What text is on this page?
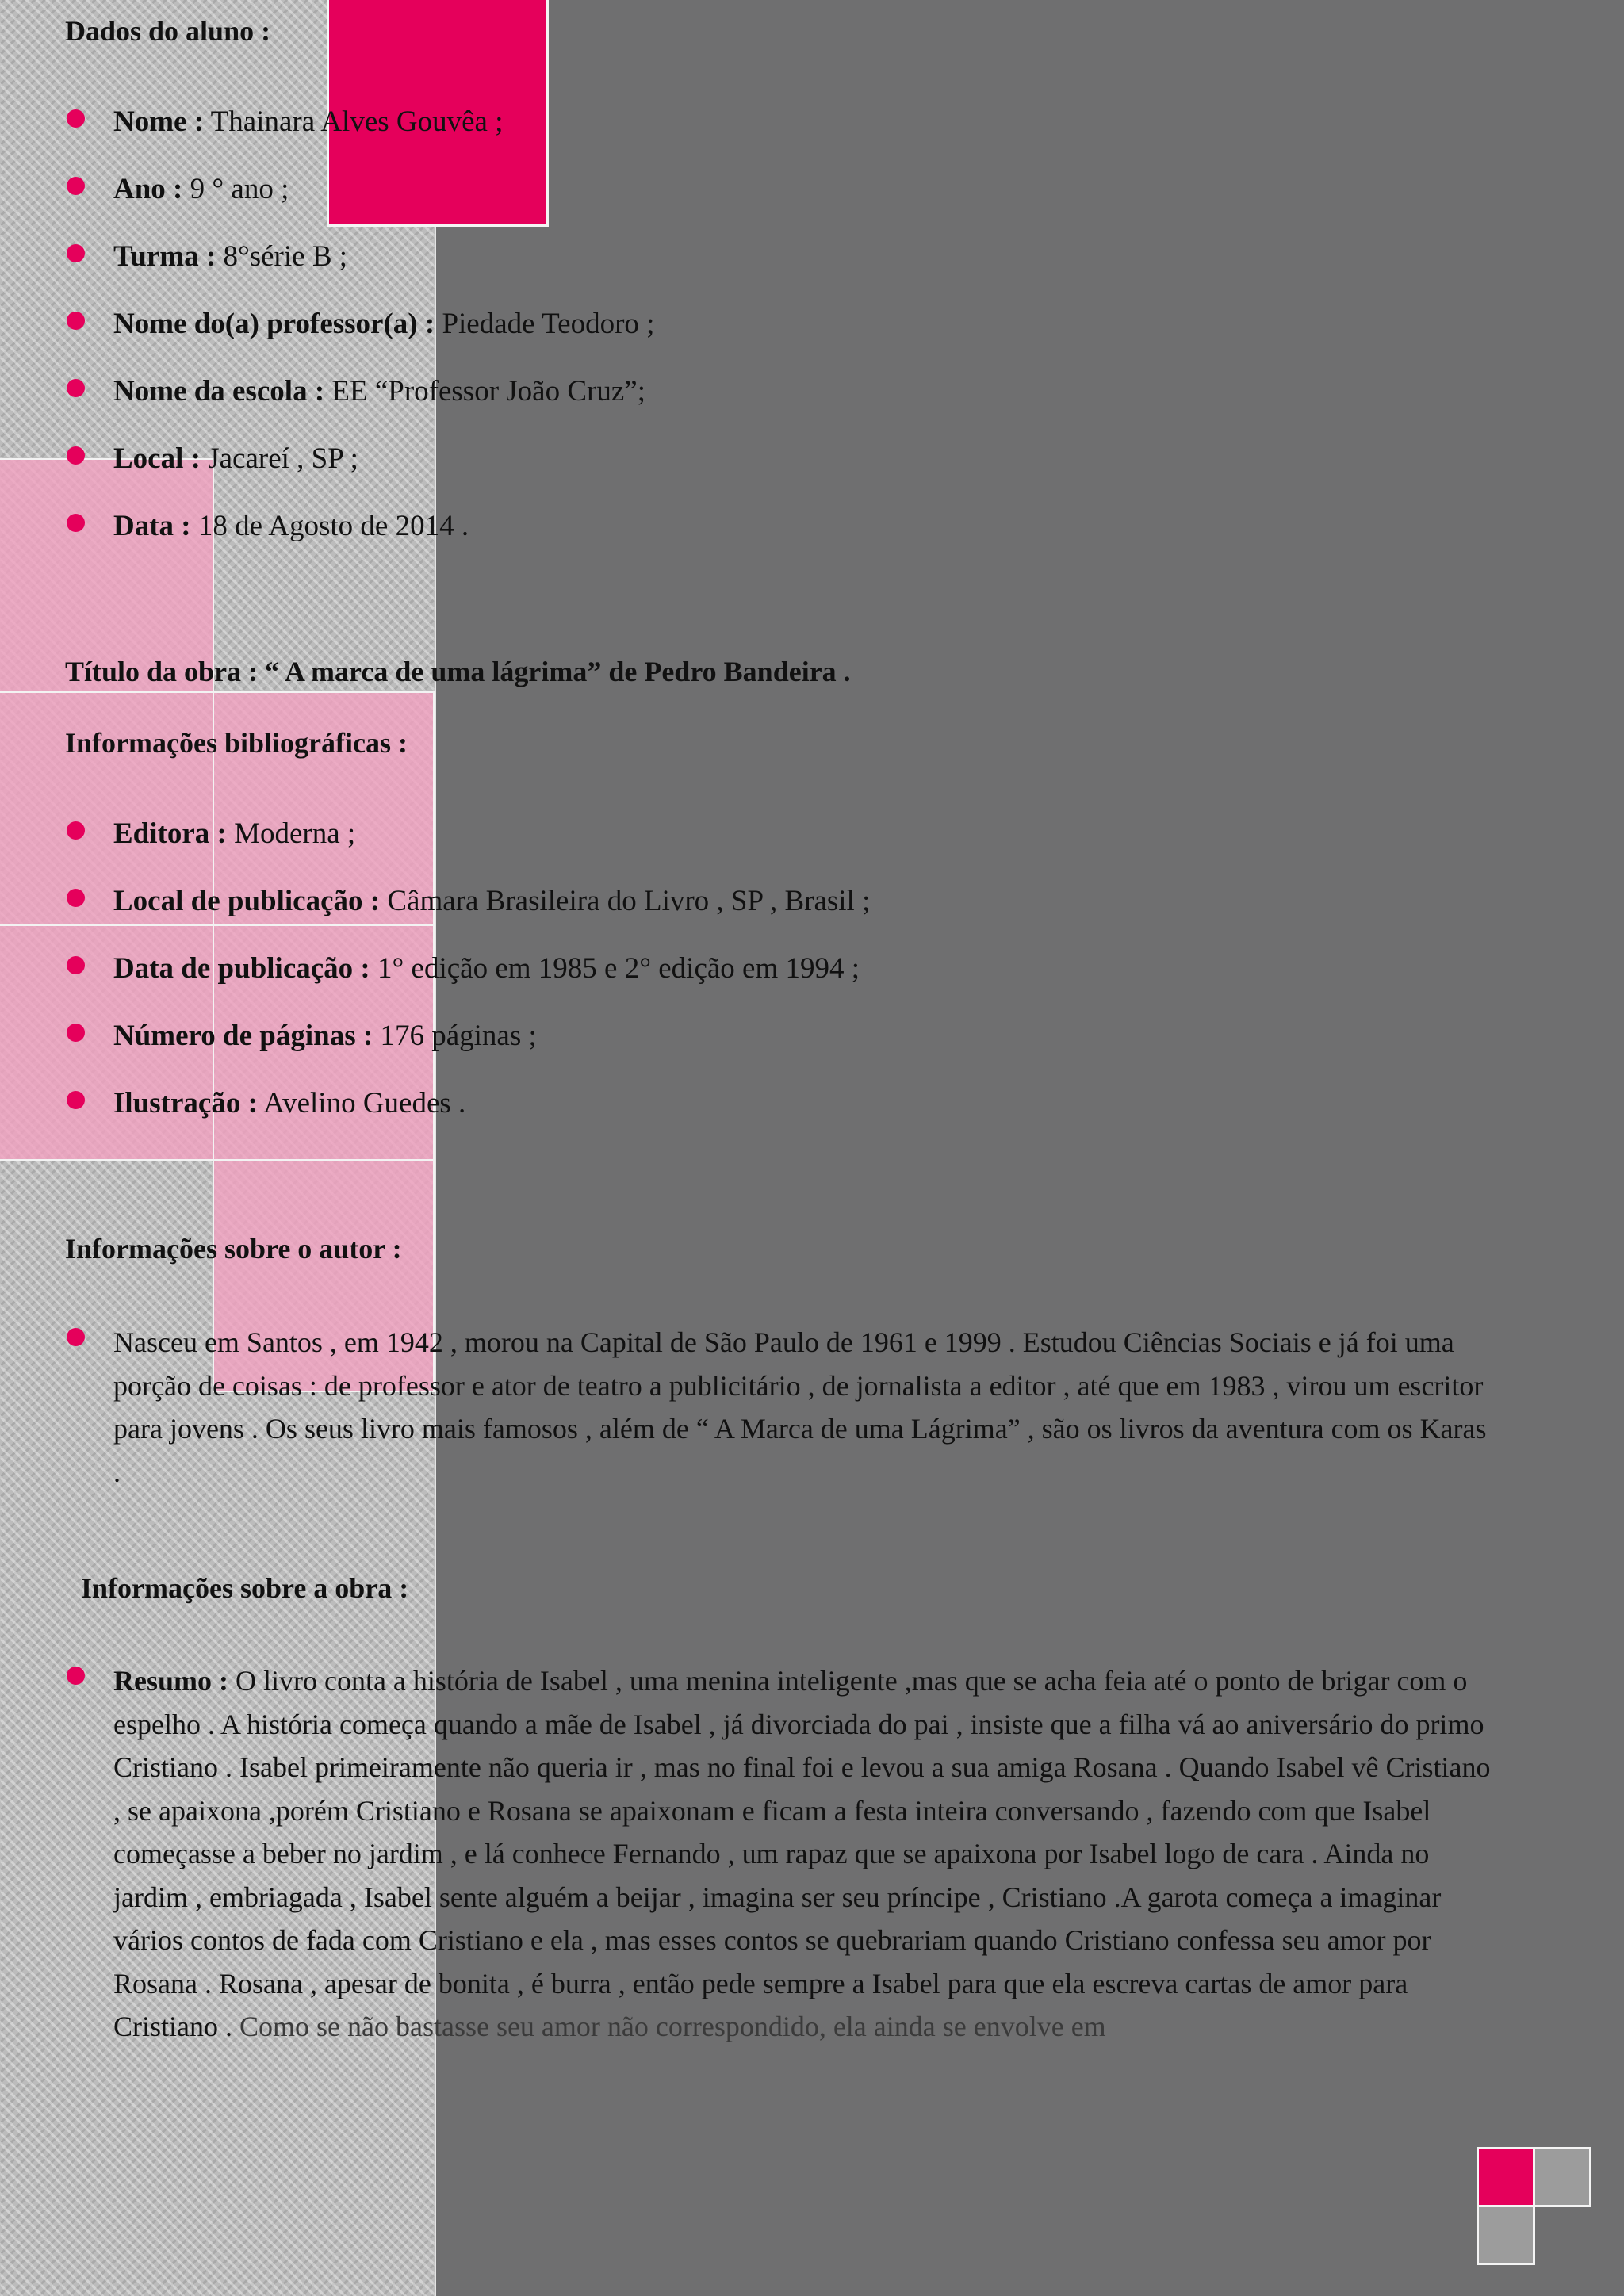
Dados do aluno :
Nome : Thainara Alves Gouvêa ;
Ano : 9 ° ano ;
Turma : 8°série B ;
Nome do(a) professor(a) : Piedade Teodoro ;
Nome da escola : EE “Professor João Cruz”;
Local : Jacareí , SP ;
Data : 18 de Agosto de 2014 .
Título da obra : “ A marca de uma lágrima” de Pedro Bandeira .
Informações bibliográficas :
Editora : Moderna ;
Local de publicação : Câmara Brasileira do Livro , SP , Brasil ;
Data de publicação : 1° edição em 1985 e 2° edição em 1994 ;
Número de páginas : 176 páginas ;
Ilustração : Avelino Guedes .
Informações sobre o autor :
Nasceu em Santos , em 1942 , morou na Capital de São Paulo de 1961 e 1999 . Estudou Ciências Sociais e já foi uma porção de coisas : de professor e ator de teatro a publicitário , de jornalista a editor , até que em 1983 , virou um escritor para jovens . Os seus livro mais famosos , além de “ A Marca de uma Lágrima” , são os livros da aventura com os Karas .
Informações sobre a obra :
Resumo : O livro conta a história de Isabel , uma menina inteligente ,mas que se acha feia até o ponto de brigar com o espelho . A história começa quando a mãe de Isabel , já divorciada do pai , insiste que a filha vá ao aniversário do primo Cristiano . Isabel primeiramente não queria ir , mas no final foi e levou a sua amiga Rosana . Quando Isabel vê Cristiano , se apaixona ,porém Cristiano e Rosana se apaixonam e ficam a festa inteira conversando , fazendo com que Isabel começasse a beber no jardim , e lá conhece Fernando , um rapaz que se apaixona por Isabel logo de cara . Ainda no jardim , embriagada , Isabel sente alguém a beijar , imagina ser seu príncipe , Cristiano .A garota começa a imaginar vários contos de fada com Cristiano e ela , mas esses contos se quebrariam quando Cristiano confessa seu amor por Rosana . Rosana , apesar de bonita , é burra , então pede sempre a Isabel para que ela escreva cartas de amor para Cristiano . Como se não bastasse seu amor não correspondido, ela ainda se envolve em
